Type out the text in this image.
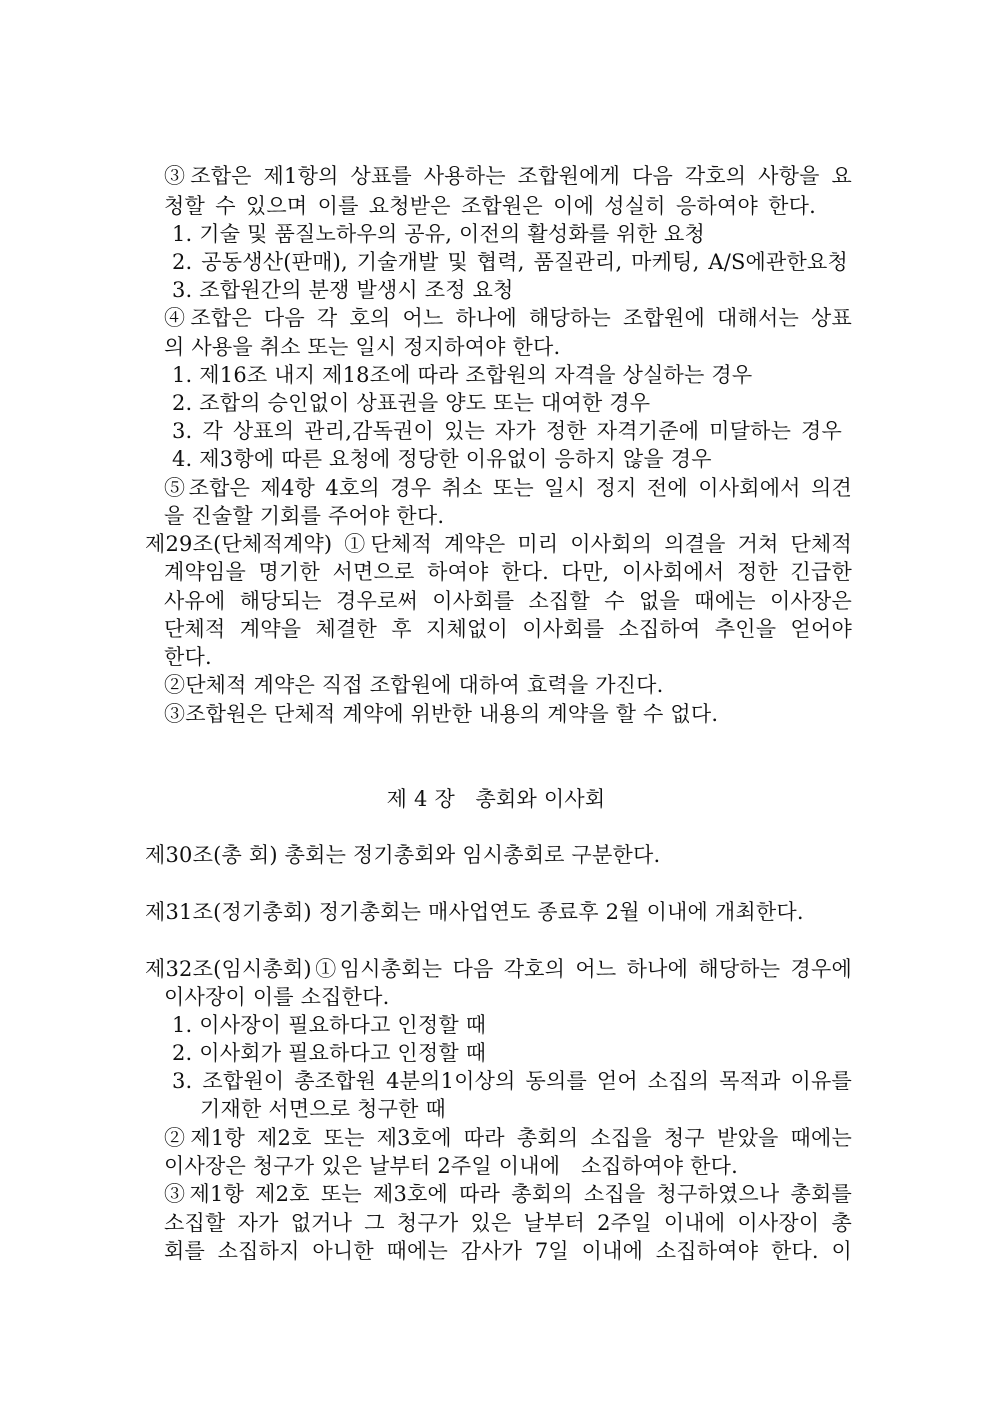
③조합은 제1항의 상표를 사용하는 조합원에게 다음 각호의 사항을 요
청할 수 있으며 이를 요청받은 조합원은 이에 성실히 응하여야 한다.
1. 기술 및 품질노하우의 공유, 이전의 활성화를 위한 요청
2. 공동생산(판매), 기술개발 및 협력, 품질관리, 마케팅, A/S에관한요청
3. 조합원간의 분쟁 발생시 조정 요청
④조합은 다음 각 호의 어느 하나에 해당하는 조합원에 대해서는 상표
의 사용을 취소 또는 일시 정지하여야 한다.
1. 제16조 내지 제18조에 따라 조합원의 자격을 상실하는 경우
2. 조합의 승인없이 상표권을 양도 또는 대여한 경우
3. 각 상표의 관리,감독권이 있는 자가 정한 자격기준에 미달하는 경우
4. 제3항에 따른 요청에 정당한 이유없이 응하지 않을 경우
⑤조합은 제4항 4호의 경우 취소 또는 일시 정지 전에 이사회에서 의견
을 진술할 기회를 주어야 한다.
제29조(단체적계약) ①단체적 계약은 미리 이사회의 의결을 거쳐 단체적
계약임을 명기한 서면으로 하여야 한다. 다만, 이사회에서 정한 긴급한
사유에 해당되는 경우로써 이사회를 소집할 수 없을 때에는 이사장은
단체적 계약을 체결한 후 지체없이 이사회를 소집하여 추인을 얻어야
한다.
②단체적 계약은 직접 조합원에 대하여 효력을 가진다.
③조합원은 단체적 계약에 위반한 내용의 계약을 할 수 없다.
제 4 장   총회와 이사회
제30조(총 회) 총회는 정기총회와 임시총회로 구분한다.
제31조(정기총회) 정기총회는 매사업연도 종료후 2월 이내에 개최한다.
제32조(임시총회)①임시총회는 다음 각호의 어느 하나에 해당하는 경우에
이사장이 이를 소집한다.
1. 이사장이 필요하다고 인정할 때
2. 이사회가 필요하다고 인정할 때
3. 조합원이 총조합원 4분의1이상의 동의를 얻어 소집의 목적과 이유를
기재한 서면으로 청구한 때
②제1항 제2호 또는 제3호에 따라 총회의 소집을 청구 받았을 때에는
이사장은 청구가 있은 날부터 2주일 이내에   소집하여야 한다.
③제1항 제2호 또는 제3호에 따라 총회의 소집을 청구하였으나 총회를
소집할 자가 없거나 그 청구가 있은 날부터 2주일 이내에 이사장이 총
회를 소집하지 아니한 때에는 감사가 7일 이내에 소집하여야 한다. 이
